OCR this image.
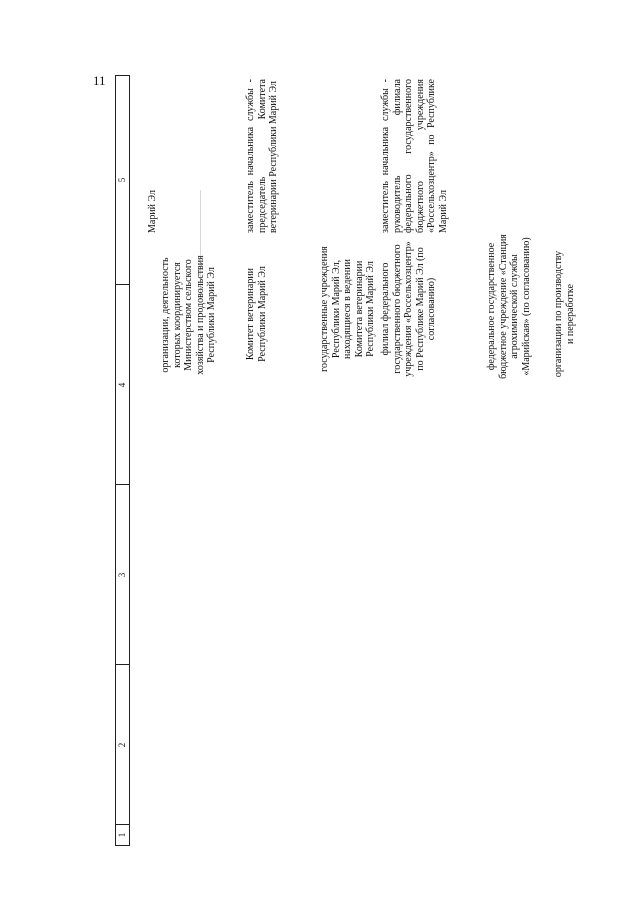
11
1
2
3
4
5
организации, деятельность которых координируется Министерством сельского хозяйства и продовольствия Республики Марий Эл	Комитет ветеринарии Республики Марий Эл
заместитель начальника службы - председатель Комитета ветеринарии Республики Марий Эл
Марий Эл
государственные учреждения Республики Марий Эл, находящиеся в ведении Комитета ветеринарии Республики Марий Эл филиал федерального государственного бюджетного учреждения «Россельхозцентр» по Республике Марий Эл (по согласованию)
заместитель начальника службы - руководитель филиала федерального государственного бюджетного учреждения «Россельхозцентр» по Республике Марий Эл
федеральное государственное бюджетное учреждение «Станция агрохимической службы «Марийская» (по согласованию) организации по производству и переработке
